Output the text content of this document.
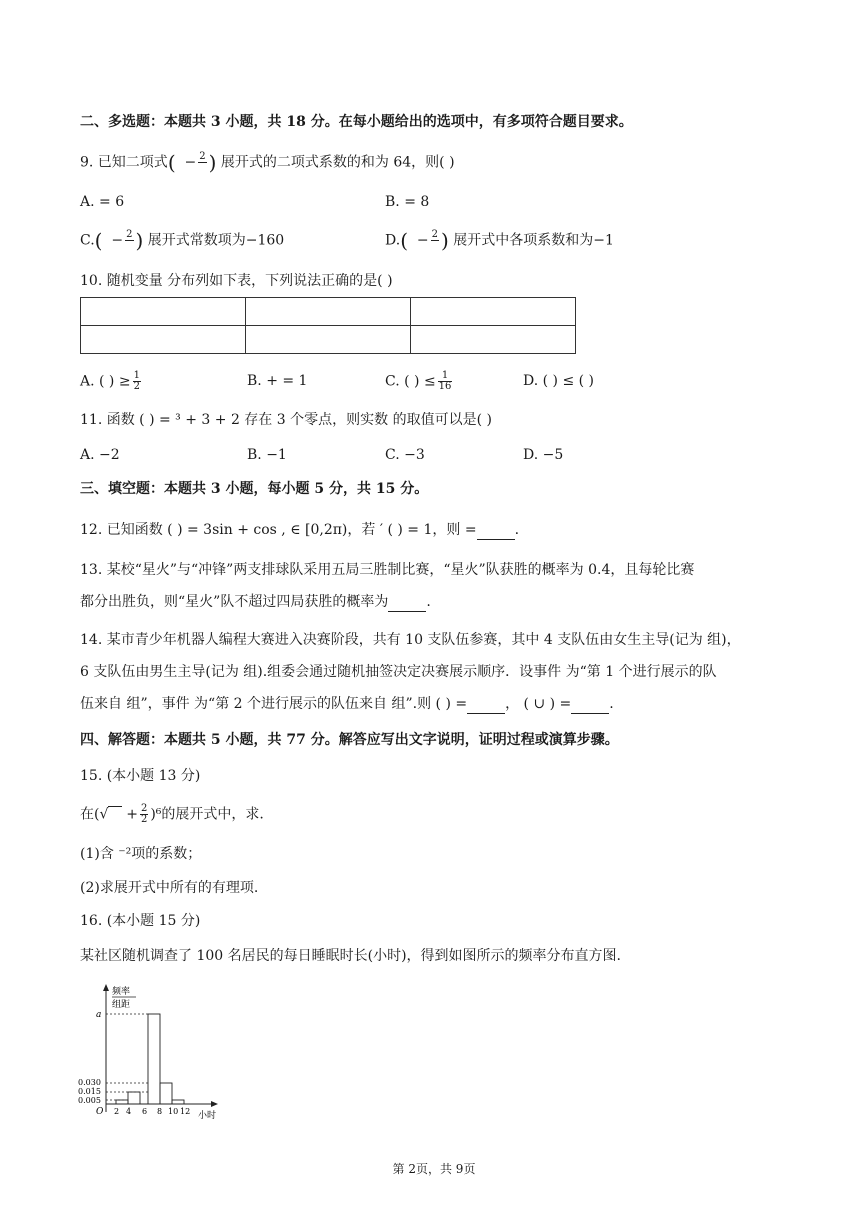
二、多选题：本题共 3 小题，共 18 分。在每小题给出的选项中，有多项符合题目要求。
9. 已知二项式(  − 2
) 展开式的二项式系数的和为 64，则( )
A. = 6	B. = 8
C.(  − 2
) 展开式常数项为−160	D.(  − 2
) 展开式中各项系数和为−1
10. 随机变量 分布列如下表，下列说法正确的是( )

A. ( ) ≥ $\frac{1}{2}$	B. + = 1	C. ( ) ≤ $\frac{1}{16}$	D. ( ) ≤ ( )
11. 函数 ( ) = ³ + 3 + 2 存在 3 个零点，则实数 的取值可以是( )
A. −2	B. −1	C. −3	D. −5
三、填空题：本题共 3 小题，每小题 5 分，共 15 分。
12. 已知函数 ( ) = 3sin + cos , ∈ [0,2π)，若 ′ ( ) = 1，则 =	.
13. 某校“星火”与“冲锋”两支排球队采用五局三胜制比赛，“星火”队获胜的概率为 0.4，且每轮比赛
都分出胜负，则“星火”队不超过四局获胜的概率为	.
14. 某市青少年机器人编程大赛进入决赛阶段，共有 10 支队伍参赛，其中 4 支队伍由女生主导(记为 组)，
6 支队伍由男生主导(记为 组).组委会通过随机抽签决定决赛展示顺序．设事件 为“第 1 个进行展示的队
伍来自 组”，事件 为“第 2 个进行展示的队伍来自 组”.则 ( ) =	， ( ∪ ) =	.
四、解答题：本题共 5 小题，共 77 分。解答应写出文字说明，证明过程或演算步骤。
15. (本小题 13 分)
在(√    + $\frac{2}{2} )^6$的展开式中，求.
(1)含 ⁻²项的系数；
(2)求展开式中所有的有理项.
16. (本小题 15 分)
某社区随机调查了 100 名居民的每日睡眠时长(小时)，得到如图所示的频率分布直方图.
频率
组距
小时
O
a
0.030
0.015
0.005
2 4 6 8 10 12
第 2页，共 9页
